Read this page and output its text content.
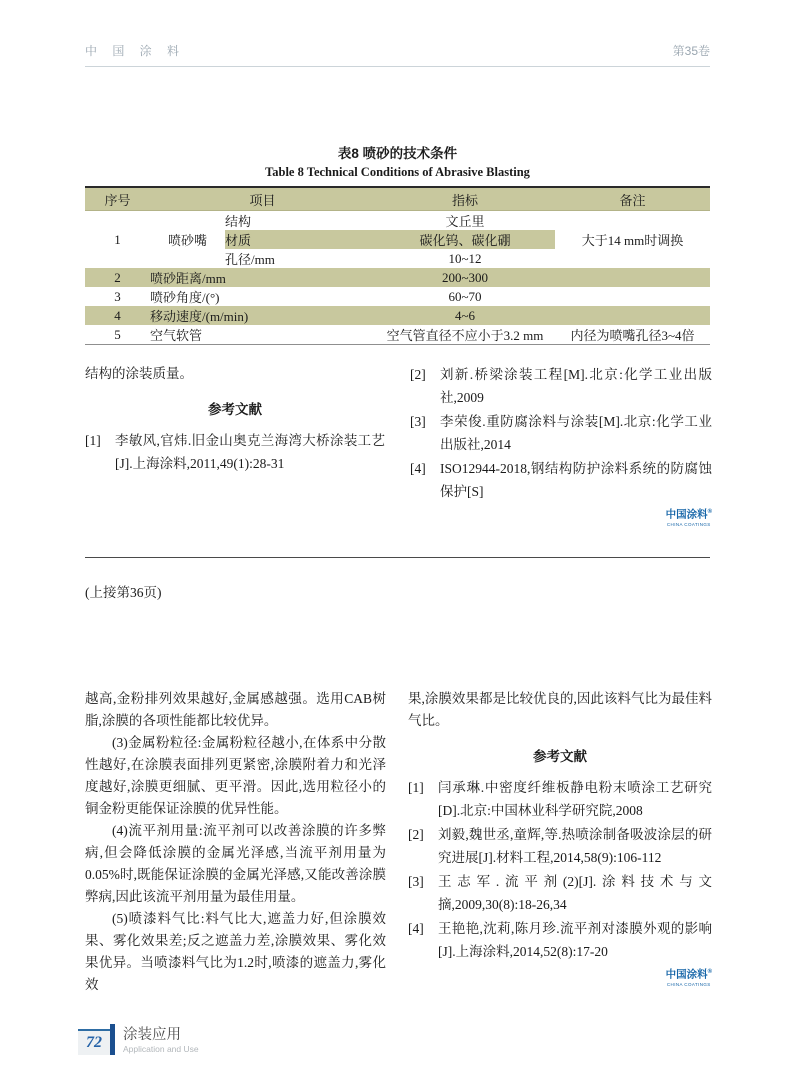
中 国 涂 料	第35卷
表8 喷砂的技术条件
Table 8 Technical Conditions of Abrasive Blasting
序号	项目		指标	备注
1	喷砂嘴	结构	文丘里	大于14 mm时调换
		材质	碳化钨、碳化硼	
		孔径/mm	10~12	
2	喷砂距离/mm		200~300	
3	喷砂角度/(°)		60~70	
4	移动速度/(m/min)		4~6	
5	空气软管		空气管直径不应小于3.2 mm	内径为喷嘴孔径3~4倍

结构的涂装质量。

参考文献
[1]	李敏风,官炜.旧金山奥克兰海湾大桥涂装工艺[J].上海涂料,2011,49(1):28-31
[2]	刘新.桥梁涂装工程[M].北京:化学工业出版社,2009
[3]	李荣俊.重防腐涂料与涂装[M].北京:化学工业出版社,2014
[4]	ISO12944-2018,钢结构防护涂料系统的防腐蚀保护[S]
中国涂料®
CHINA COATINGS
(上接第36页)

越高,金粉排列效果越好,金属感越强。选用CAB树脂,涂膜的各项性能都比较优异。

(3)金属粉粒径:金属粉粒径越小,在体系中分散性越好,在涂膜表面排列更紧密,涂膜附着力和光泽度越好,涂膜更细腻、更平滑。因此,选用粒径小的铜金粉更能保证涂膜的优异性能。

(4)流平剂用量:流平剂可以改善涂膜的许多弊病,但会降低涂膜的金属光泽感,当流平剂用量为0.05%时,既能保证涂膜的金属光泽感,又能改善涂膜弊病,因此该流平剂用量为最佳用量。

(5)喷漆料气比:料气比大,遮盖力好,但涂膜效果、雾化效果差;反之遮盖力差,涂膜效果、雾化效果优异。当喷漆料气比为1.2时,喷漆的遮盖力,雾化效

果,涂膜效果都是比较优良的,因此该料气比为最佳料气比。

参考文献
[1]	闫承琳.中密度纤维板静电粉末喷涂工艺研究[D].北京:中国林业科学研究院,2008
[2]	刘毅,魏世丞,童辉,等.热喷涂制备吸波涂层的研究进展[J].材料工程,2014,58(9):106-112
[3]	王志军.流平剂(2)[J].涂料技术与文摘,2009,30(8):18-26,34
[4]	王艳艳,沈莉,陈月珍.流平剂对漆膜外观的影响[J].上海涂料,2014,52(8):17-20
中国涂料®
CHINA COATINGS
72 涂装应用
Application and Use
